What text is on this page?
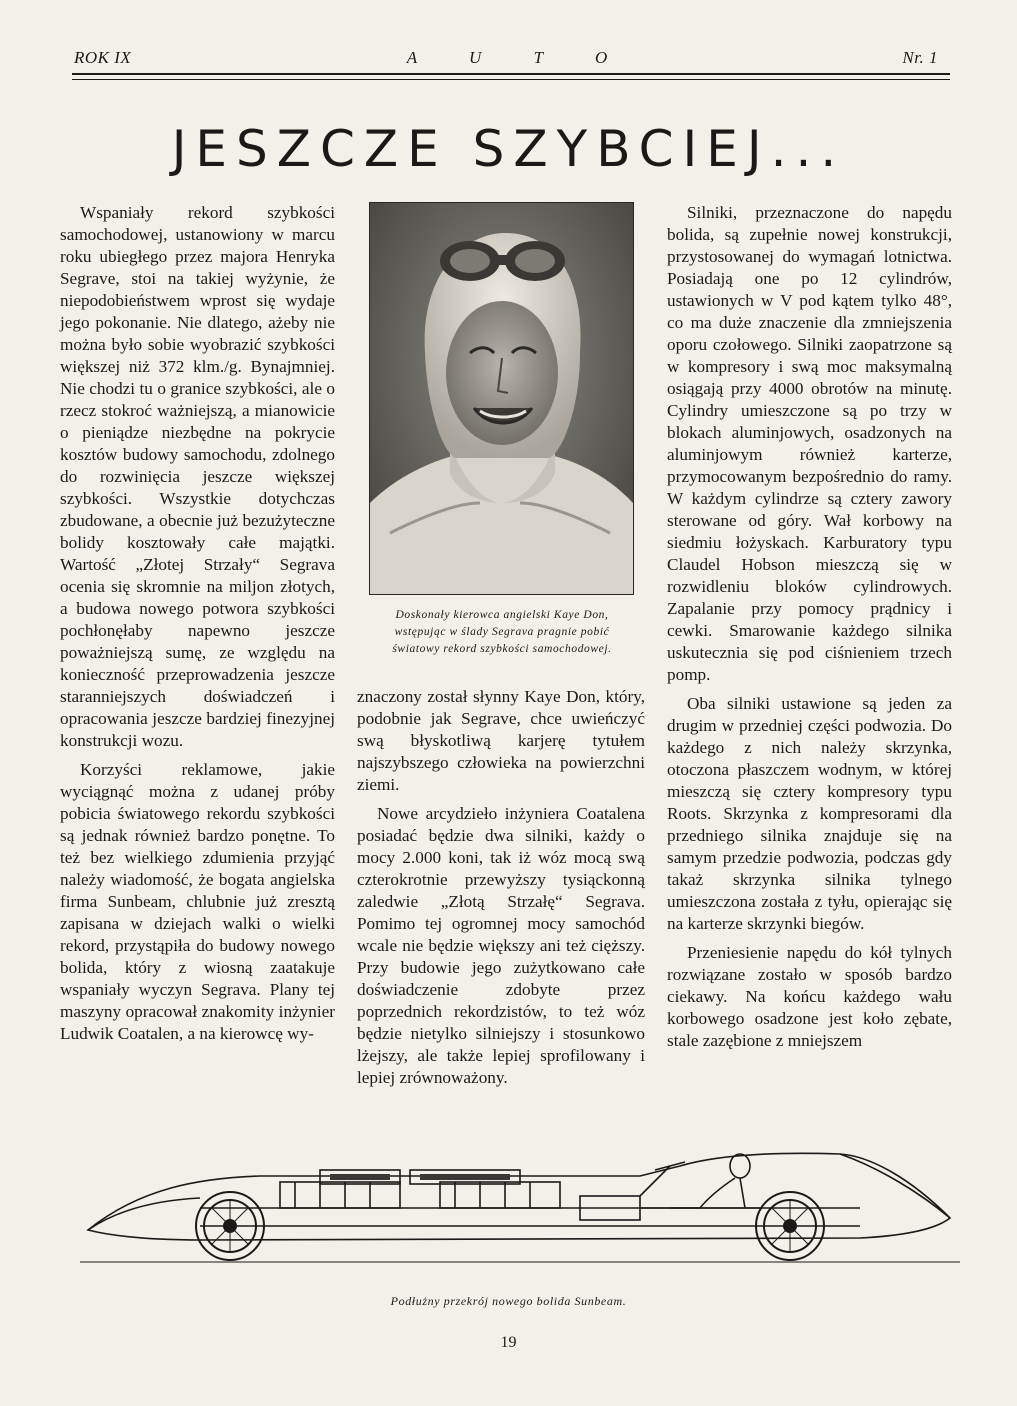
ROK IX	A U T O	Nr. 1
JESZCZE SZYBCIEJ...

Wspaniały rekord szybkości samochodowej, ustanowiony w marcu roku ubiegłego przez majora Henryka Segrave, stoi na takiej wyżynie, że niepodobieństwem wprost się wydaje jego pokonanie. Nie dlatego, ażeby nie można było sobie wyobrazić szybkości większej niż 372 klm./g. Bynajmniej. Nie chodzi tu o granice szybkości, ale o rzecz stokroć ważniejszą, a mianowicie o pieniądze niezbędne na pokrycie kosztów budowy samochodu, zdolnego do rozwinięcia jeszcze większej szybkości. Wszystkie dotychczas zbudowane, a obecnie już bezużyteczne bolidy kosztowały całe majątki. Wartość „Złotej Strzały“ Segrava ocenia się skromnie na miljon złotych, a budowa nowego potwora szybkości pochłonęłaby napewno jeszcze poważniejszą sumę, ze względu na konieczność przeprowadzenia jeszcze staranniejszych doświadczeń i opracowania jeszcze bardziej finezyjnej konstrukcji wozu.

Korzyści reklamowe, jakie wyciągnąć można z udanej próby pobicia światowego rekordu szybkości są jednak również bardzo ponętne. To też bez wielkiego zdumienia przyjąć należy wiadomość, że bogata angielska firma Sunbeam, chlubnie już zresztą zapisana w dziejach walki o wielki rekord, przystąpiła do budowy nowego bolida, który z wiosną zaatakuje wspaniały wyczyn Segrava. Plany tej maszyny opracował znakomity inżynier Ludwik Coatalen, a na kierowcę wy-

Doskonały kierowca angielski Kaye Don,
wstępując w ślady Segrava pragnie pobić
światowy rekord szybkości samochodowej.

znaczony został słynny Kaye Don, który, podobnie jak Segrave, chce uwieńczyć swą błyskotliwą karjerę tytułem najszybszego człowieka na powierzchni ziemi.

Nowe arcydzieło inżyniera Coatalena posiadać będzie dwa silniki, każdy o mocy 2.000 koni, tak iż wóz mocą swą czterokrotnie przewyższy tysiąckonną zaledwie „Złotą Strzałę“ Segrava. Pomimo tej ogromnej mocy samochód wcale nie będzie większy ani też cięższy. Przy budowie jego zużytkowano całe doświadczenie zdobyte przez poprzednich rekordzistów, to też wóz będzie nietylko silniejszy i stosunkowo lżejszy, ale także lepiej sprofilowany i lepiej zrównoważony.

Silniki, przeznaczone do napędu bolida, są zupełnie nowej konstrukcji, przystosowanej do wymagań lotnictwa. Posiadają one po 12 cylindrów, ustawionych w V pod kątem tylko 48°, co ma duże znaczenie dla zmniejszenia oporu czołowego. Silniki zaopatrzone są w kompresory i swą moc maksymalną osiągają przy 4000 obrotów na minutę. Cylindry umieszczone są po trzy w blokach aluminjowych, osadzonych na aluminjowym również karterze, przymocowanym bezpośrednio do ramy. W każdym cylindrze są cztery zawory sterowane od góry. Wał korbowy na siedmiu łożyskach. Karburatory typu Claudel Hobson mieszczą się w rozwidleniu bloków cylindrowych. Zapalanie przy pomocy prądnicy i cewki. Smarowanie każdego silnika uskutecznia się pod ciśnieniem trzech pomp.

Oba silniki ustawione są jeden za drugim w przedniej części podwozia. Do każdego z nich należy skrzynka, otoczona płaszczem wodnym, w której mieszczą się cztery kompresory typu Roots. Skrzynka z kompresorami dla przedniego silnika znajduje się na samym przedzie podwozia, podczas gdy takaż skrzynka silnika tylnego umieszczona została z tyłu, opierając się na karterze skrzynki biegów.

Przeniesienie napędu do kół tylnych rozwiązane zostało w sposób bardzo ciekawy. Na końcu każdego wału korbowego osadzone jest koło zębate, stale zazębione z mniejszem

Podłużny przekrój nowego bolida Sunbeam.
19
